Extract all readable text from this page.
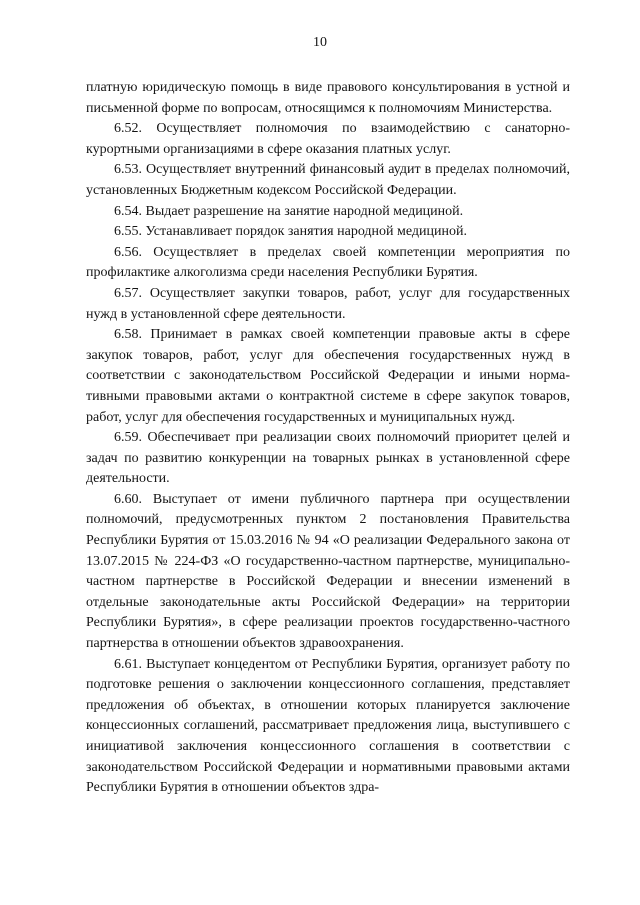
10

платную юридическую помощь в виде правового консультирования в устной и письменной форме по вопросам, относящимся к полномочиям Министерства.

6.52. Осуществляет полномочия по взаимодействию с санаторно-курортными организациями в сфере оказания платных услуг.

6.53. Осуществляет внутренний финансовый аудит в пределах полномочий, установленных Бюджетным кодексом Российской Федерации.

6.54. Выдает разрешение на занятие народной медициной.

6.55. Устанавливает порядок занятия народной медициной.

6.56. Осуществляет в пределах своей компетенции мероприятия по профилактике алкоголизма среди населения Республики Бурятия.

6.57. Осуществляет закупки товаров, работ, услуг для государственных нужд в установленной сфере деятельности.

6.58. Принимает в рамках своей компетенции правовые акты в сфере закупок товаров, работ, услуг для обеспечения государственных нужд в соответствии с законодательством Российской Федерации и иными нормативными правовыми актами о контрактной системе в сфере закупок товаров, работ, услуг для обеспечения государственных и муниципальных нужд.

6.59. Обеспечивает при реализации своих полномочий приоритет целей и задач по развитию конкуренции на товарных рынках в установленной сфере деятельности.

6.60. Выступает от имени публичного партнера при осуществлении полномочий, предусмотренных пунктом 2 постановления Правительства Республики Бурятия от 15.03.2016 № 94 «О реализации Федерального закона от 13.07.2015 № 224-ФЗ «О государственно-частном партнерстве, муниципально-частном партнерстве в Российской Федерации и внесении изменений в отдельные законодательные акты Российской Федерации» на территории Республики Бурятия», в сфере реализации проектов государственно-частного партнерства в отношении объектов здравоохранения.

6.61. Выступает концедентом от Республики Бурятия, организует работу по подготовке решения о заключении концессионного соглашения, представляет предложения об объектах, в отношении которых планируется заключение концессионных соглашений, рассматривает предложения лица, выступившего с инициативой заключения концессионного соглашения в соответствии с законодательством Российской Федерации и нормативными правовыми актами Республики Бурятия в отношении объектов здра-
